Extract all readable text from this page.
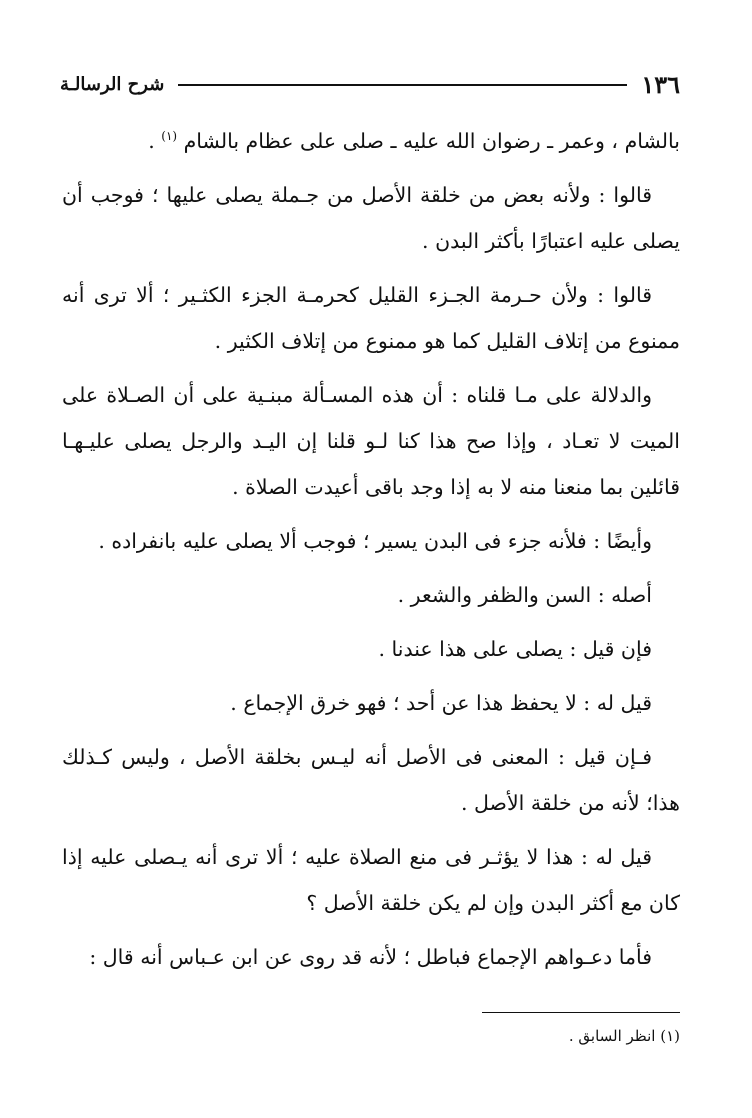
١٣٦
شرح الرسالـة

بالشام ، وعمر ـ رضوان الله عليه ـ صلى على عظام بالشام $^{(١)}$ .

قالوا : ولأنه بعض من خلقة الأصل من جـملة يصلى عليها ؛ فوجب أن يصلى عليه اعتبارًا بأكثر البدن .

قالوا : ولأن حـرمة الجـزء القليل كحرمـة الجزء الكثـير ؛ ألا ترى أنه ممنوع من إتلاف القليل كما هو ممنوع من إتلاف الكثير .

والدلالة على مـا قلناه : أن هذه المسـألة مبنـية على أن الصـلاة على الميت لا تعـاد ، وإذا صح هذا كنا لـو قلنا إن اليـد والرجل يصلى عليـهـا قائلين بما منعنا منه لا به إذا وجد باقى أعيدت الصلاة .

وأيضًا : فلأنه جزء فى البدن يسير ؛ فوجب ألا يصلى عليه بانفراده .

أصله : السن والظفر والشعر .

فإن قيل : يصلى على هذا عندنا .

قيل له : لا يحفظ هذا عن أحد ؛ فهو خرق الإجماع .

فـإن قيل : المعنى فى الأصل أنه ليـس بخلقة الأصل ، وليس كـذلك هذا؛ لأنه من خلقة الأصل .

قيل له : هذا لا يؤثـر فى منع الصلاة عليه ؛ ألا ترى أنه يـصلى عليه إذا كان مع أكثر البدن وإن لم يكن خلقة الأصل ؟

فأما دعـواهم الإجماع فباطل ؛ لأنه قد روى عن ابن عـباس أنه قال :

(١) انظر السابق .
